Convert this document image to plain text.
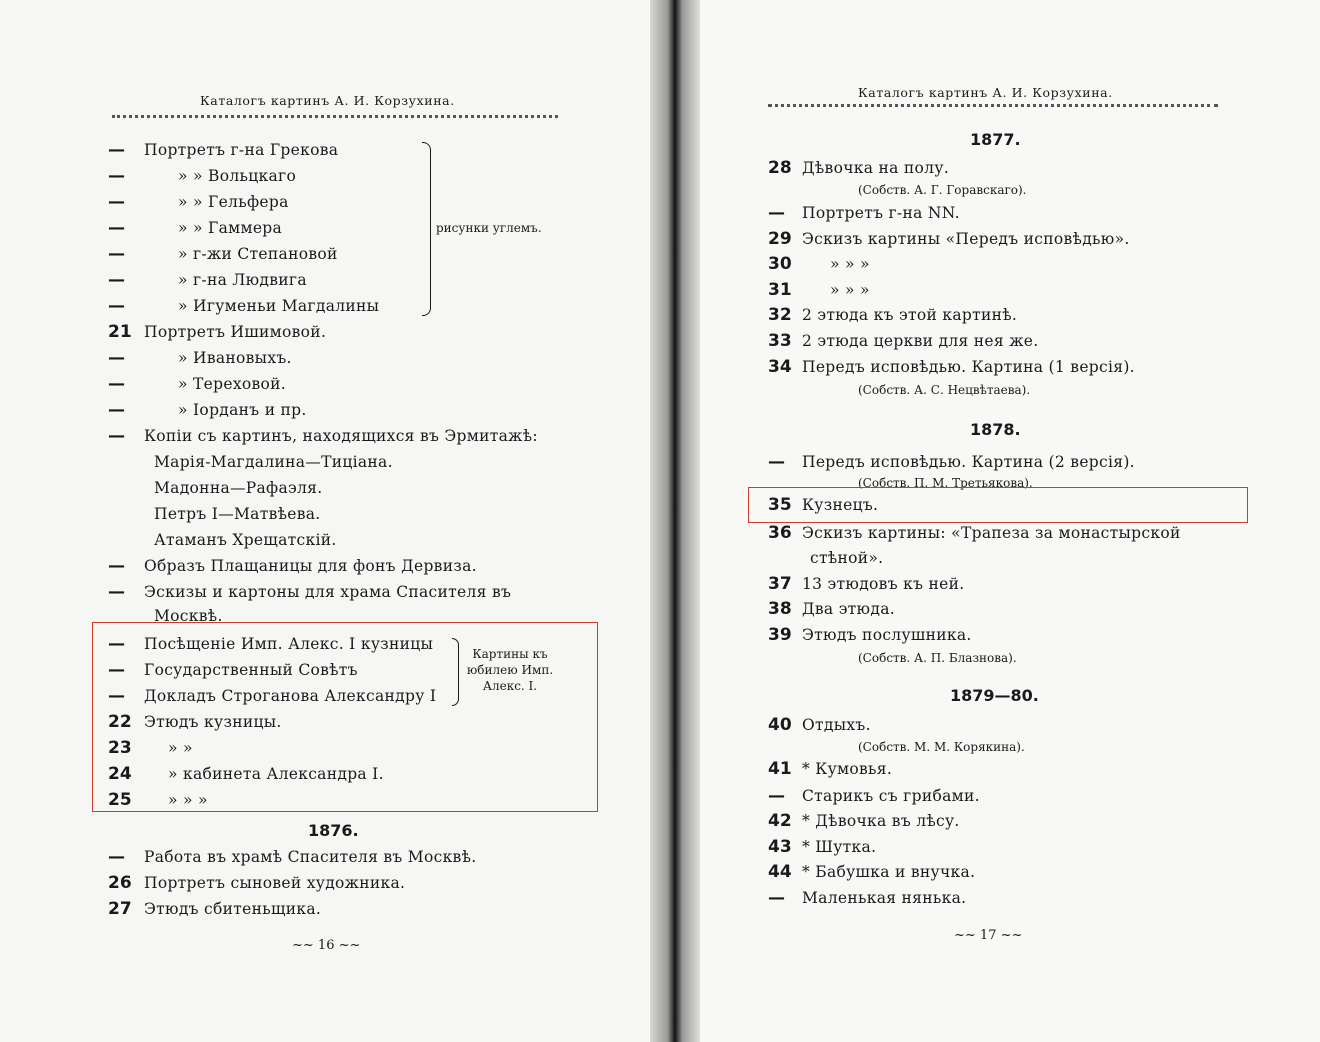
Каталогъ картинъ А. И. Корзухина.
— Портретъ г-на Грекова
—	» » Вольцкаго
—	» » Гельфера
—	» » Гаммера
—	» г-жи Степановой
—	» г-на Людвига
—	» Игуменьи Магдалины
рисунки углемъ.
21 Портретъ Ишимовой.
—	» Ивановыхъ.
—	» Тереховой.
—	» Іорданъ и пр.
— Копiи съ картинъ, находящихся въ Эрмитажѣ:
Марія-Магдалина—Тиціана.
Мадонна—Рафаэля.
Петръ I—Матвѣева.
Атаманъ Хрещатскій.
— Образъ Плащаницы для фонъ Дервиза.
— Эскизы и картоны для храма Спасителя въ
Москвѣ.
— Посѣщеніе Имп. Алекс. I кузницы
— Государственный Совѣтъ
— Докладъ Строганова Александру I
Картины къ
юбилею Имп.
Алекс. I.
22 Этюдъ кузницы.
23 » »
24 » кабинета Александра I.
25 » » »
1876.
— Работа въ храмѣ Спасителя въ Москвѣ.
26 Портретъ сыновей художника.
27 Этюдъ сбитеньщика.
~~ 16 ~~
Каталогъ картинъ А. И. Корзухина.
1877.
28 Дѣвочка на полу.
(Собств. А. Г. Горавскаго).
— Портретъ г-на NN.
29 Эскизъ картины «Передъ исповѣдью».
30 » » »
31 » » »
32 2 этюда къ этой картинѣ.
33 2 этюда церкви для нея же.
34 Передъ исповѣдью. Картина (1 версія).
(Собств. А. С. Нецвѣтаева).
1878.
— Передъ исповѣдью. Картина (2 версія).
(Собств. П. М. Третьякова).
35 Кузнецъ.
36 Эскизъ картины: «Трапеза за монастырской
стѣной».
37 13 этюдовъ къ ней.
38 Два этюда.
39 Этюдъ послушника.
(Собств. А. П. Блазнова).
1879—80.
40 Отдыхъ.
(Собств. М. М. Корякина).
41 * Кумовья.
— Старикъ съ грибами.
42 * Дѣвочка въ лѣсу.
43 * Шутка.
44 * Бабушка и внучка.
— Маленькая нянька.
~~ 17 ~~
